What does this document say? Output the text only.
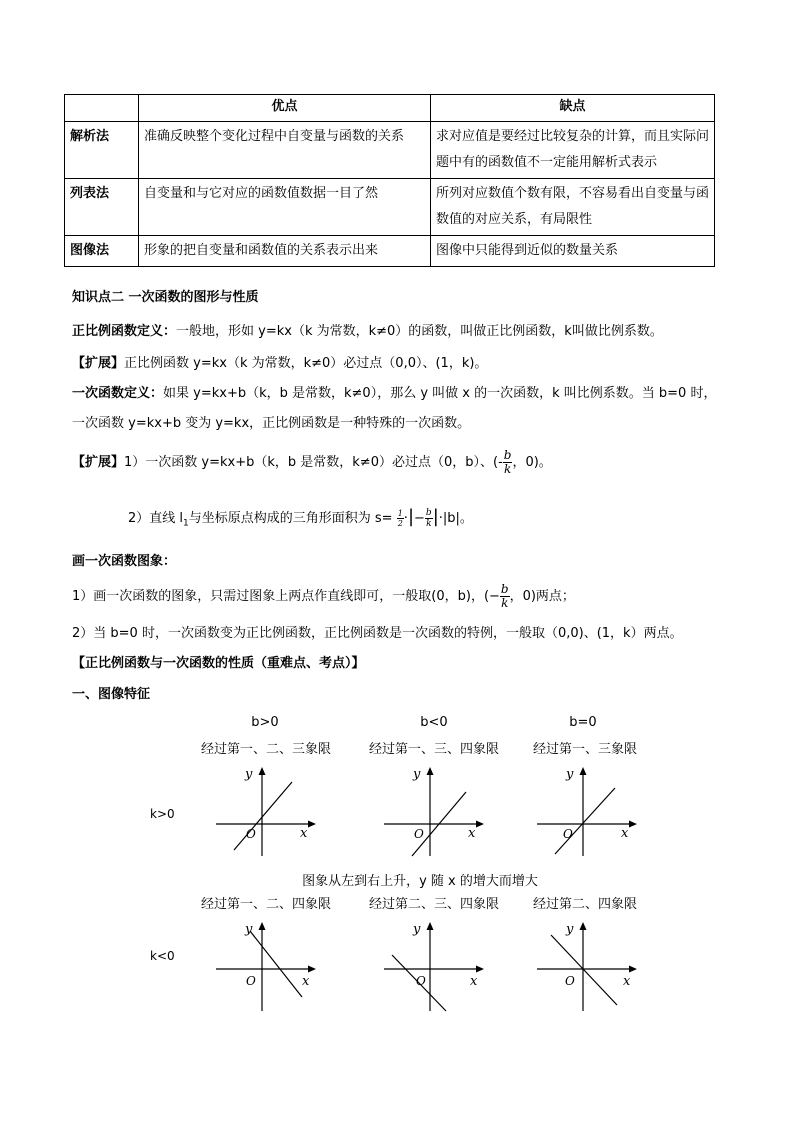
	优点	缺点
解析法	准确反映整个变化过程中自变量与函数的关系	求对应值是要经过比较复杂的计算，而且实际问题中有的函数值不一定能用解析式表示
列表法	自变量和与它对应的函数值数据一目了然	所列对应数值个数有限，不容易看出自变量与函数值的对应关系，有局限性
图像法	形象的把自变量和函数值的关系表示出来	图像中只能得到近似的数量关系
知识点二 一次函数的图形与性质
正比例函数定义：一般地，形如 y=kx（k 为常数，k≠0）的函数，叫做正比例函数，k叫做比例系数。
【扩展】正比例函数 y=kx（k 为常数，k≠0）必过点（0,0）、(1，k)。
一次函数定义：如果 y=kx+b（k，b 是常数，k≠0），那么 y 叫做 x 的一次函数，k 叫比例系数。当 b=0 时，
一次函数 y=kx+b 变为 y=kx，正比例函数是一种特殊的一次函数。
【扩展】1）一次函数 y=kx+b（k，b 是常数，k≠0）必过点（0，b）、(- $\frac{b}{k}$ ，0)。
2）直线 $l_1$与坐标原点构成的三角形面积为 $s= \frac{1}{2}$ ·|− $\frac{b}{k} |\cdot|b|$。
画一次函数图象：
1）画一次函数的图象，只需过图象上两点作直线即可，一般取(0，b)，(− $\frac{b}{k}$ ，0)两点；
2）当 b=0 时，一次函数变为正比例函数，正比例函数是一次函数的特例，一般取（0,0)、(1，k）两点。
【正比例函数与一次函数的性质（重难点、考点）】
一、图像特征
b>0	b<0	b=0
经过第一、二、三象限	经过第一、三、四象限	经过第一、三象限
k>0
O	x
y
O	x
y
O	x
y
图象从左到右上升，y 随 x 的增大而增大
经过第一、二、四象限	经过第二、三、四象限	经过第二、四象限
k<0
O	x
y
O	x
y
O	x
y
